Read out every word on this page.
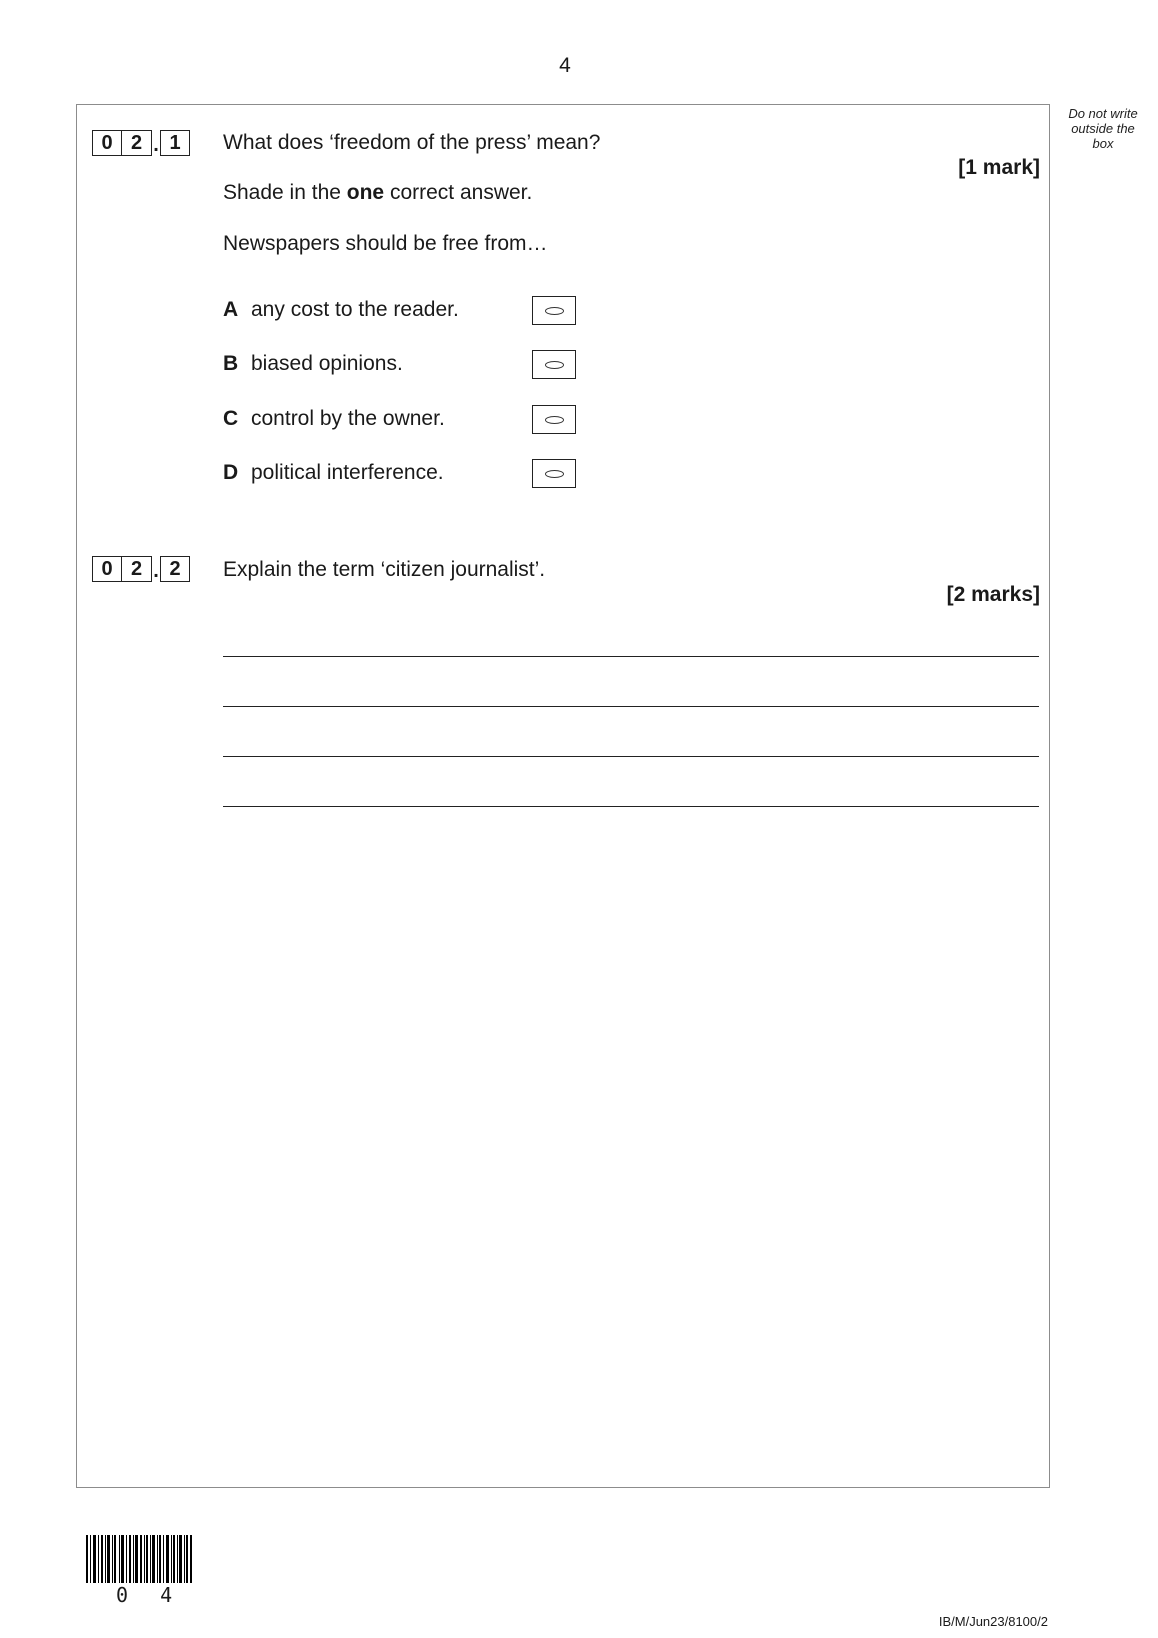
4
Do not write outside the box
0 2 . 1	What does ‘freedom of the press’ mean?
[1 mark]
Shade in the one correct answer.
Newspapers should be free from…
A any cost to the reader.
B biased opinions.
C control by the owner.
D political interference.
0 2 . 2	Explain the term ‘citizen journalist’.
[2 marks]
0 4
IB/M/Jun23/8100/2
